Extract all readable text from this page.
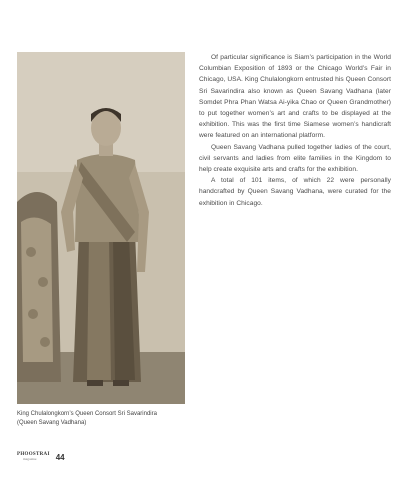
Of particular significance is Siam’s participation in the World Columbian Exposition of 1893 or the Chicago World’s Fair in Chicago, USA. King Chulalongkorn entrusted his Queen Consort Sri Savarindira also known as Queen Savang Vadhana (later Somdet Phra Phan Watsa Ai-yika Chao or Queen Grandmother) to put together women’s art and crafts to be displayed at the exhibition. This was the first time Siamese women’s handicraft were featured on an international platform.

Queen Savang Vadhana pulled together ladies of the court, civil servants and ladies from elite families in the Kingdom to help create exquisite arts and crafts for the exhibition.

A total of 101 items, of which 22 were personally handcrafted by Queen Savang Vadhana, were curated for the exhibition in Chicago.

King Chulalongkorn’s Queen Consort Sri Savarindira
(Queen Savang Vadhana)
PHOOSTRAI
magazine	44
